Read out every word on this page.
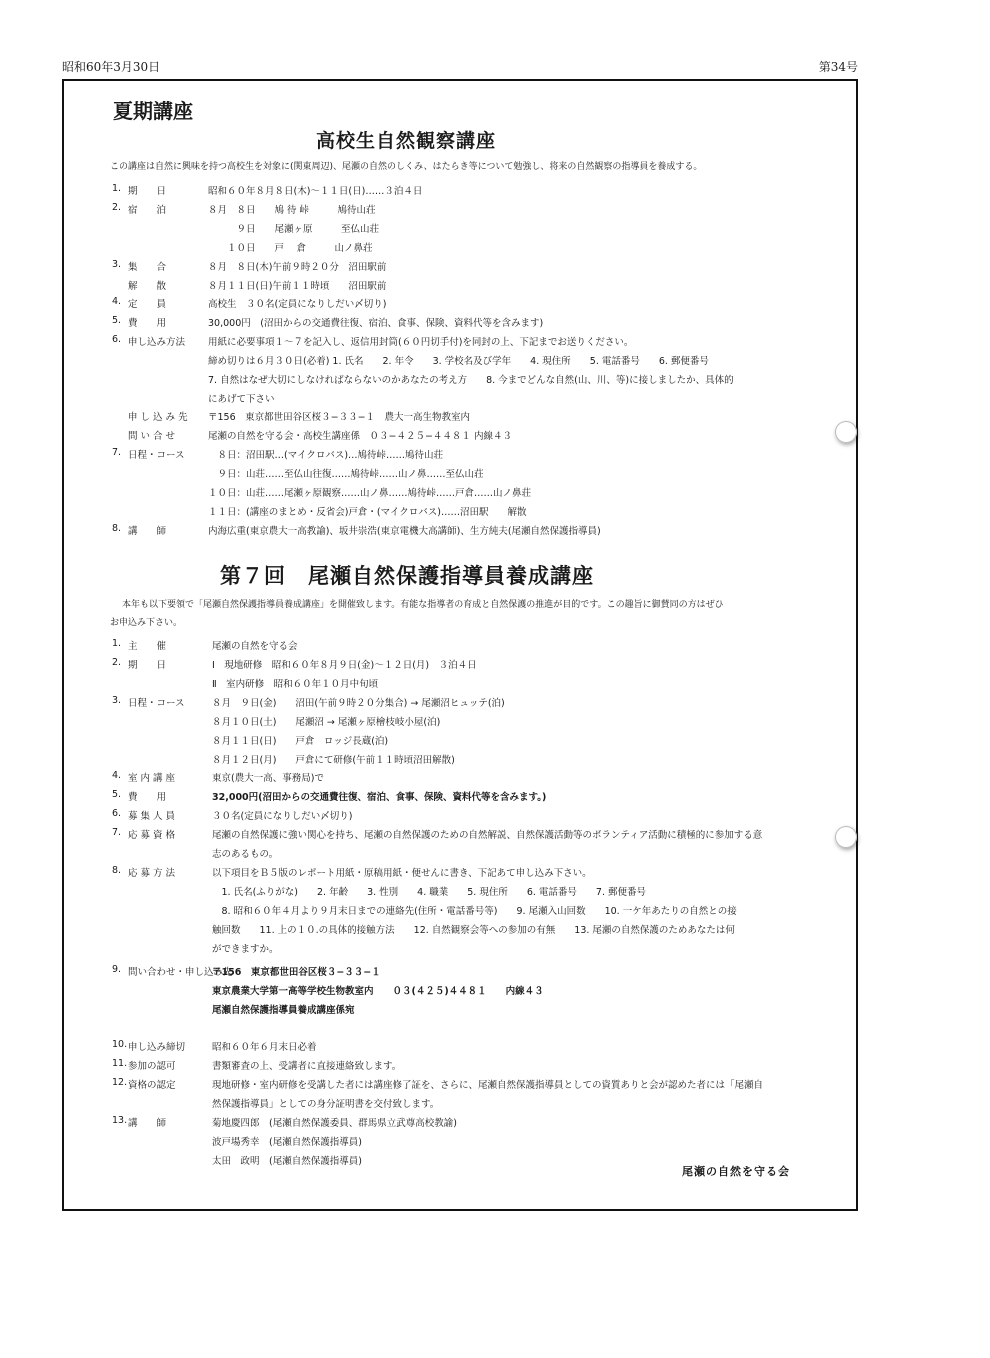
昭和60年3月30日	第34号
夏期講座
高校生自然観察講座
この講座は自然に興味を持つ高校生を対象に(関東周辺)、尾瀬の自然のしくみ、はたらき等について勉強し、将来の自然観察の指導員を養成する。
1. 期　　日	昭和６０年８月８日(木)〜１１日(日)……３泊４日
2. 宿　　泊	８月　８日　　鳩 待 峠　　　鳩待山荘
　　　９日　　尾瀬ヶ原　　　至仏山荘
　　１０日　　戸　 倉　　　山ノ鼻荘
3. 集　　合	８月　８日(木)午前９時２０分　沼田駅前
解　　散	８月１１日(日)午前１１時頃　　沼田駅前
4. 定　　員	高校生　３０名(定員になりしだい〆切り)
5. 費　　用	30,000円　(沼田からの交通費往復、宿泊、食事、保険、資料代等を含みます)
6. 申し込み方法 用紙に必要事項１〜７を記入し、返信用封筒(６０円切手付)を同封の上、下記までお送りください。
締め切りは６月３０日(必着) 1. 氏名　　2. 年令　　3. 学校名及び学年　　4. 現住所　　5. 電話番号　　6. 郵便番号
7. 自然はなぜ大切にしなければならないのかあなたの考え方　　8. 今までどんな自然(山、川、等)に接しましたか、具体的
にあげて下さい
申 し 込 み 先 〒156　東京都世田谷区桜３−３３−１　農大一高生物教室内
問 い 合 せ	尾瀬の自然を守る会・高校生講座係　０３−４２５−４４８１ 内線４３
7. 日程・コース 　８日：沼田駅…(マイクロバス)…鳩待峠……鳩待山荘
　９日：山荘……至仏山往復……鳩待峠……山ノ鼻……至仏山荘
１０日：山荘……尾瀬ヶ原観察……山ノ鼻……鳩待峠……戸倉……山ノ鼻荘
１１日：(講座のまとめ・反省会)戸倉・(マイクロバス)……沼田駅　　解散
8. 講　　師	内海広重(東京農大一高教諭)、坂井崇浩(東京電機大高講師)、生方純夫(尾瀬自然保護指導員)
第７回　尾瀬自然保護指導員養成講座
本年も以下要領で「尾瀬自然保護指導員養成講座」を開催致します。有能な指導者の育成と自然保護の推進が目的です。この趣旨に御賛同の方はぜひ
お申込み下さい。
1. 主　　催	尾瀬の自然を守る会
2. 期　　日	Ⅰ　現地研修　昭和６０年８月９日(金)〜１２日(月)　３泊４日
Ⅱ　室内研修　昭和６０年１０月中旬頃
3. 日程・コース	８月　９日(金)　　沼田(午前９時２０分集合) → 尾瀬沼ヒュッテ(泊)
８月１０日(土)　　尾瀬沼 → 尾瀬ヶ原檜枝岐小屋(泊)
８月１１日(日)　　戸倉　ロッジ長蔵(泊)
８月１２日(月)　　戸倉にて研修(午前１１時頃沼田解散)
4. 室 内 講 座	東京(農大一高、事務局)で
5. 費　　用	32,000円(沼田からの交通費往復、宿泊、食事、保険、資料代等を含みます。)
6. 募 集 人 員	３０名(定員になりしだい〆切り)
7. 応 募 資 格	尾瀬の自然保護に強い関心を持ち、尾瀬の自然保護のための自然解説、自然保護活動等のボランティア活動に積極的に参加する意
志のあるもの。
8. 応 募 方 法	以下項目をＢ５版のレポート用紙・原稿用紙・便せんに書き、下記あて申し込み下さい。
　1. 氏名(ふりがな)　　2. 年齢　　3. 性別　　4. 職業　　5. 現住所　　6. 電話番号　　7. 郵便番号
　8. 昭和６０年４月より９月末日までの連絡先(住所・電話番号等)　　9. 尾瀬入山回数　　10. 一ケ年あたりの自然との接
触回数　　11. 上の１０.の具体的接触方法　　12. 自然観察会等への参加の有無　　13. 尾瀬の自然保護のためあなたは何
ができますか。
9. 問い合わせ・申し込み先
〒156　東京都世田谷区桜３−３３−１
東京農業大学第一高等学校生物教室内　　０３(４２５)４４８１　　内線４３
尾瀬自然保護指導員養成講座係宛
10. 申し込み締切	昭和６０年６月末日必着
11. 参加の認可	書類審査の上、受講者に直接連絡致します。
12. 資格の認定	現地研修・室内研修を受講した者には講座修了証を、さらに、尾瀬自然保護指導員としての資質ありと会が認めた者には「尾瀬自
然保護指導員」としての身分証明書を交付致します。
13. 講　　師	菊地慶四郎　(尾瀬自然保護委員、群馬県立武尊高校教諭)
波戸場秀幸　(尾瀬自然保護指導員)
太田　政明　(尾瀬自然保護指導員)
尾瀬の自然を守る会
